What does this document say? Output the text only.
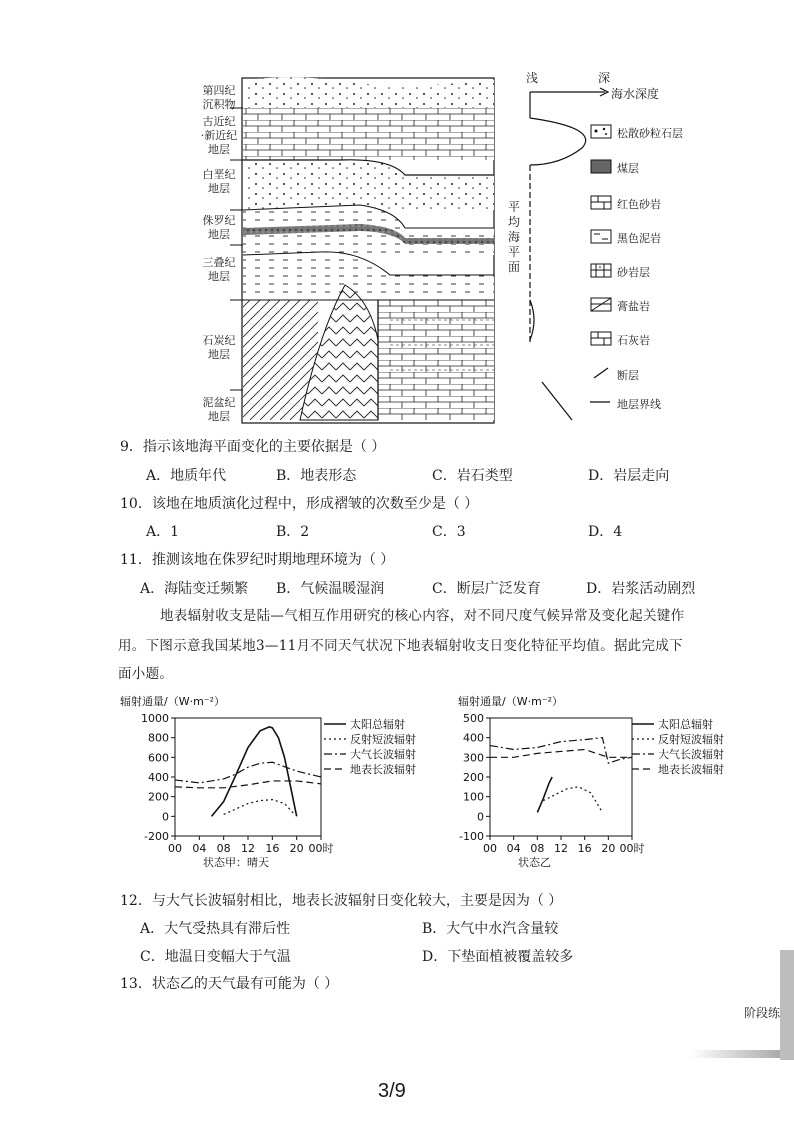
第四纪
沉积物
古近纪
·新近纪
地层
白垩纪
地层
侏罗纪
地层
三叠纪
地层
石炭纪
地层
泥盆纪
地层
浅	深
海水深度
平均海平面
松散砂粒石层
煤层
红色砂岩
黑色泥岩
砂岩层
膏盐岩
石灰岩
断层
地层界线
9．指示该地海平面变化的主要依据是（ ）
A．地质年代	B．地表形态	C．岩石类型	D．岩层走向
10．该地在地质演化过程中，形成褶皱的次数至少是（ ）
A．1	B．2	C．3	D．4
11．推测该地在侏罗纪时期地理环境为（ ）
A．海陆变迁频繁 B．气候温暖湿润	C．断层广泛发育	D．岩浆活动剧烈
地表辐射收支是陆—气相互作用研究的核心内容，对不同尺度气候异常及变化起关键作
用。下图示意我国某地3—11月不同天气状况下地表辐射收支日变化特征平均值。据此完成下
面小题。
辐射通量/（W·m⁻²）
1000
800
600
400
200
0
-200
00 04 08 12 16 20 00时
状态甲：晴天
太阳总辐射
反射短波辐射
大气长波辐射
地表长波辐射
辐射通量/（W·m⁻²）
500
400
300
200
100
0
-100
00 04 08 12 16 20 00时
状态乙
太阳总辐射
反射短波辐射
大气长波辐射
地表长波辐射
12．与大气长波辐射相比，地表长波辐射日变化较大，主要是因为（ ）
A．大气受热具有滞后性	B．大气中水汽含量较
C．地温日变幅大于气温	D．下垫面植被覆盖较多
13．状态乙的天气最有可能为（ ）
阶段练
3/9
